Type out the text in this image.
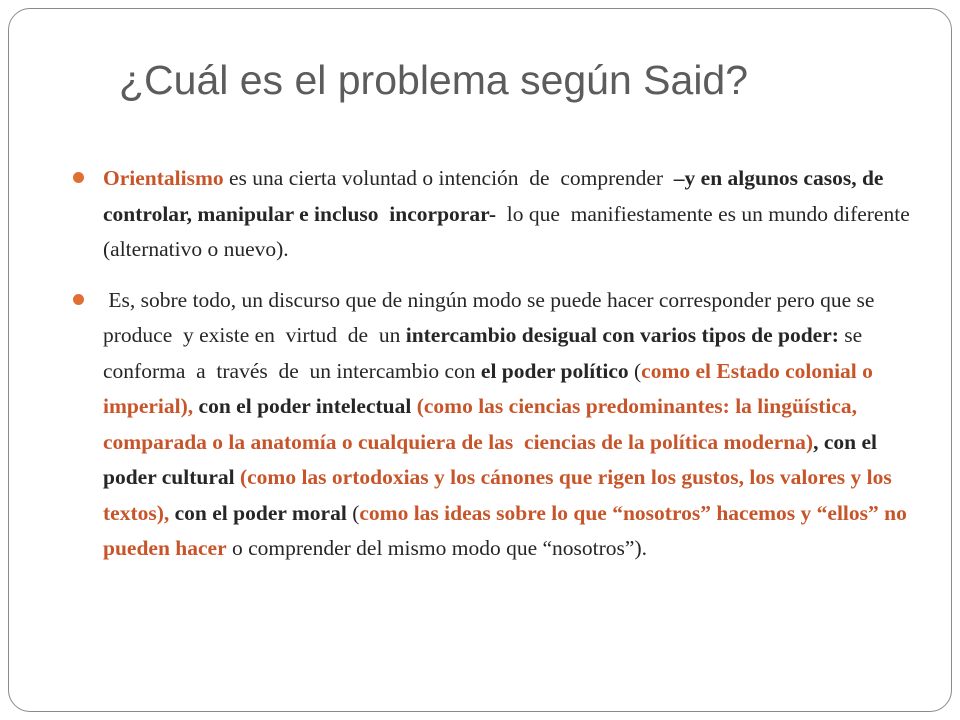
¿Cuál es el problema según Said?
Orientalismo es una cierta voluntad o intención  de  comprender  –y en algunos casos, de controlar, manipular e incluso  incorporar-  lo que  manifiestamente es un mundo diferente (alternativo o nuevo).
Es, sobre todo, un discurso que de ningún modo se puede hacer corresponder pero que se produce  y existe en  virtud  de  un intercambio desigual con varios tipos de poder: se conforma  a  través  de  un intercambio con el poder político (como el Estado colonial o imperial), con el poder intelectual (como las ciencias predominantes: la lingüística, comparada o la anatomía o cualquiera de las  ciencias de la política moderna), con el poder cultural (como las ortodoxias y los cánones que rigen los gustos, los valores y los textos), con el poder moral (como las ideas sobre lo que “nosotros” hacemos y “ellos” no pueden hacer o comprender del mismo modo que “nosotros”).
